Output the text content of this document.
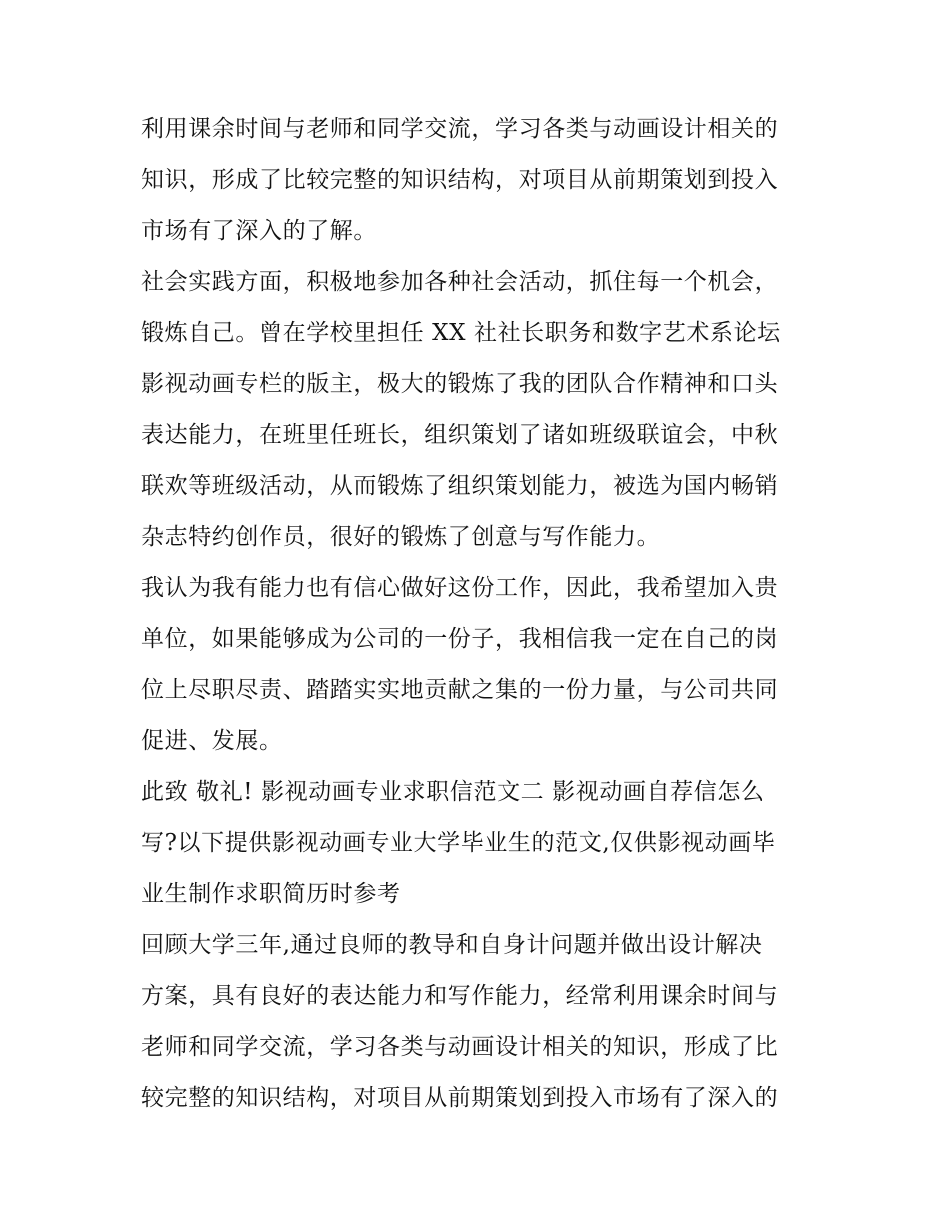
利用课余时间与老师和同学交流，学习各类与动画设计相关的
知识，形成了比较完整的知识结构，对项目从前期策划到投入
市场有了深入的了解。
社会实践方面，积极地参加各种社会活动，抓住每一个机会，
锻炼自己。曾在学校里担任 XX 社社长职务和数字艺术系论坛
影视动画专栏的版主，极大的锻炼了我的团队合作精神和口头
表达能力，在班里任班长，组织策划了诸如班级联谊会，中秋
联欢等班级活动，从而锻炼了组织策划能力，被选为国内畅销
杂志特约创作员，很好的锻炼了创意与写作能力。
我认为我有能力也有信心做好这份工作，因此，我希望加入贵
单位，如果能够成为公司的一份子，我相信我一定在自己的岗
位上尽职尽责、踏踏实实地贡献之集的一份力量，与公司共同
促进、发展。
此致 敬礼! 影视动画专业求职信范文二 影视动画自荐信怎么
写?以下提供影视动画专业大学毕业生的范文,仅供影视动画毕
业生制作求职简历时参考
回顾大学三年,通过良师的教导和自身计问题并做出设计解决
方案，具有良好的表达能力和写作能力，经常利用课余时间与
老师和同学交流，学习各类与动画设计相关的知识，形成了比
较完整的知识结构，对项目从前期策划到投入市场有了深入的
